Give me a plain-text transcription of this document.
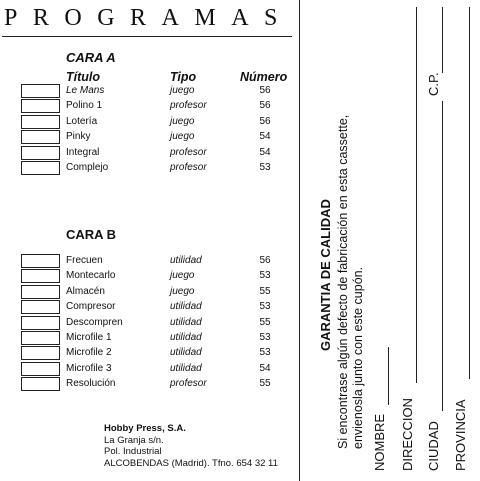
PROGRAMAS
CARA A
Título	Tipo	Número
Le Mans	juego	56
Polino 1	profesor	56
Lotería	juego	56
Pinky	juego	54
Integral	profesor	54
Complejo	profesor	53
CARA B
Frecuen	utilidad	56
Montecarlo	juego	53
Almacén	juego	55
Compresor	utilidad	53
Descompren	utilidad	55
Microfile 1	utilidad	53
Microfile 2	utilidad	53
Microfile 3	utilidad	54
Resolución	profesor	55
Hobby Press, S.A.
La Granja s/n.
Pol. Industrial
ALCOBENDAS (Madrid). Tfno. 654 32 11
GARANTIA DE CALIDAD Si encontrase algún defecto de fabricación en esta cassette, envienosla junto con este cupón. NOMBRE DIRECCION CIUDAD
C.P.
PROVINCIA
